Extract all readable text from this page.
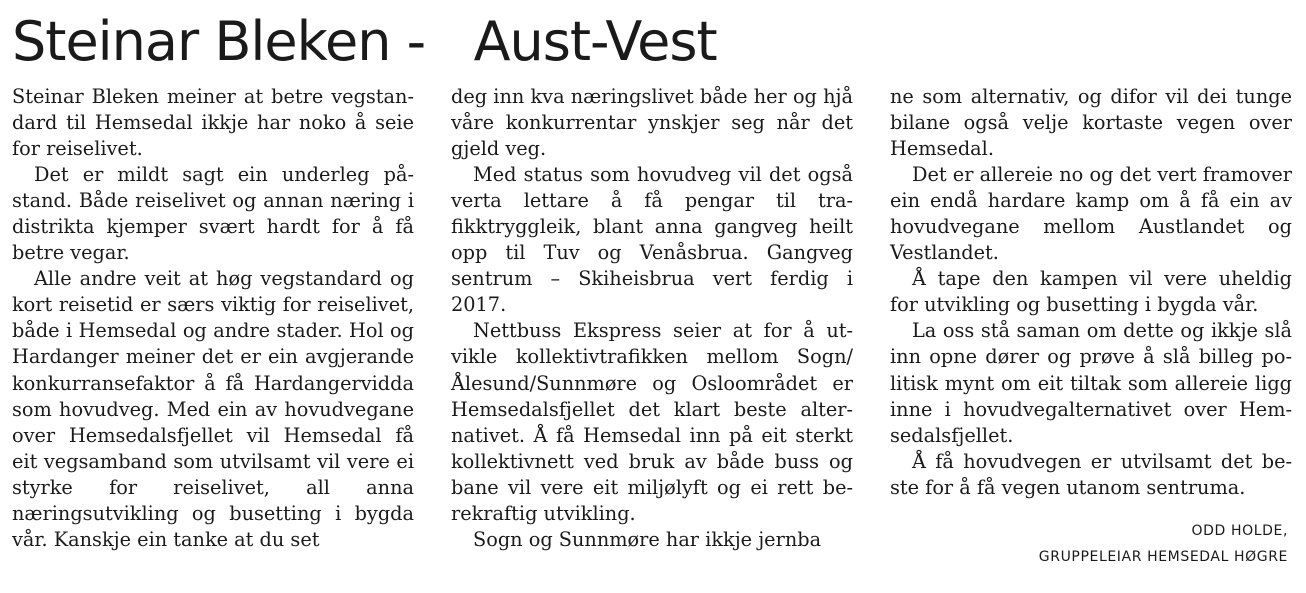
Steinar Bleken -   Aust-Vest

Steinar Bleken meiner at betre vegstandard til Hemsedal ikkje har noko å seie for reiselivet.

Det er mildt sagt ein underleg påstand. Både reiselivet og annan næring i distrikta kjemper svært hardt for å få betre vegar.

Alle andre veit at høg vegstandard og kort reisetid er særs viktig for reiselivet, både i Hemsedal og andre stader. Hol og Hardanger meiner det er ein avgjerande konkurransefaktor å få Hardangervidda som hovudveg. Med ein av hovudvegane over Hemsedalsfjellet vil Hemsedal få eit vegsamband som utvilsamt vil vere ei styrke for reiselivet, all anna næringsutvikling og busetting i bygda vår. Kanskje ein tanke at du set

deg inn kva næringslivet både her og hjå våre konkurrentar ynskjer seg når det gjeld veg.

Med status som hovudveg vil det også verta lettare å få pengar til trafikktryggleik, blant anna gangveg heilt opp til Tuv og Venåsbrua. Gangveg sentrum – Skiheisbrua vert ferdig i 2017.

Nettbuss Ekspress seier at for å utvikle kollektivtrafikken mellom Sogn/ Ålesund/Sunnmøre og Osloområdet er Hemsedalsfjellet det klart beste alternativet. Å få Hemsedal inn på eit sterkt kollektivnett ved bruk av både buss og bane vil vere eit miljølyft og ei rett berekraftig utvikling.

Sogn og Sunnmøre har ikkje jernba

ne som alternativ, og difor vil dei tunge bilane også velje kortaste vegen over Hemsedal.

Det er allereie no og det vert framover ein endå hardare kamp om å få ein av hovudvegane mellom Austlandet og Vestlandet.

Å tape den kampen vil vere uheldig for utvikling og busetting i bygda vår.

La oss stå saman om dette og ikkje slå inn opne dører og prøve å slå billeg politisk mynt om eit tiltak som allereie ligg inne i hovudvegalternativet over Hemsedalsfjellet.

Å få hovudvegen er utvilsamt det beste for å få vegen utanom sentruma.

ODD HOLDE,
GRUPPELEIAR HEMSEDAL HØGRE
